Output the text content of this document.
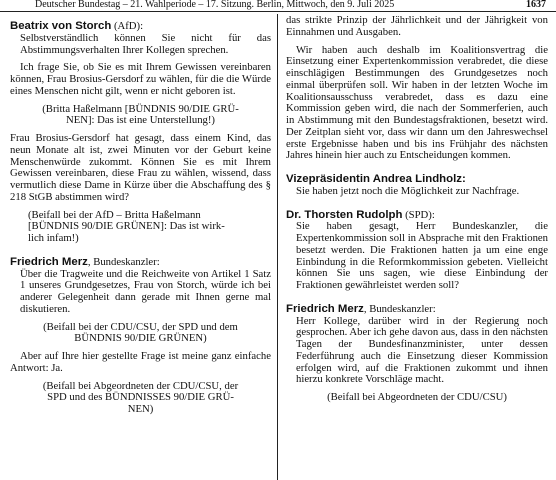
Deutscher Bundestag – 21. Wahlperiode – 17. Sitzung. Berlin, Mittwoch, den 9. Juli 2025	1637

Beatrix von Storch (AfD):

Selbstverständlich können Sie nicht für das Abstimmungsverhalten Ihrer Kollegen sprechen.

Ich frage Sie, ob Sie es mit Ihrem Gewissen vereinbaren können, Frau Brosius-Gersdorf zu wählen, für die die Würde eines Menschen nicht gilt, wenn er nicht geboren ist.

(Britta Haßelmann [BÜNDNIS 90/DIE GRÜ-
NEN]: Das ist eine Unterstellung!)

Frau Brosius-Gersdorf hat gesagt, dass einem Kind, das neun Monate alt ist, zwei Minuten vor der Geburt keine Menschenwürde zukommt. Können Sie es mit Ihrem Gewissen vereinbaren, diese Frau zu wählen, wissend, dass vermutlich diese Dame in Kürze über die Abschaffung des § 218 StGB abstimmen wird?

(Beifall bei der AfD – Britta Haßelmann
[BÜNDNIS 90/DIE GRÜNEN]: Das ist wirk-
lich infam!)

Friedrich Merz, Bundeskanzler:

Über die Tragweite und die Reichweite von Artikel 1 Satz 1 unseres Grundgesetzes, Frau von Storch, würde ich bei anderer Gelegenheit dann gerade mit Ihnen gerne mal diskutieren.

(Beifall bei der CDU/CSU, der SPD und dem
BÜNDNIS 90/DIE GRÜNEN)

Aber auf Ihre hier gestellte Frage ist meine ganz einfache Antwort: Ja.

(Beifall bei Abgeordneten der CDU/CSU, der
SPD und des BÜNDNISSES 90/DIE GRÜ-
NEN)

das strikte Prinzip der Jährlichkeit und der Jährigkeit von Einnahmen und Ausgaben.

Wir haben auch deshalb im Koalitionsvertrag die Einsetzung einer Expertenkommission verabredet, die diese einschlägigen Bestimmungen des Grundgesetzes noch einmal überprüfen soll. Wir haben in der letzten Woche im Koalitionsausschuss verabredet, dass es dazu eine Kommission geben wird, die nach der Sommerferien, auch in Abstimmung mit den Bundestagsfraktionen, besetzt wird. Der Zeitplan sieht vor, dass wir dann um den Jahreswechsel erste Ergebnisse haben und bis ins Frühjahr des nächsten Jahres hinein hier auch zu Entscheidungen kommen.

Vizepräsidentin Andrea Lindholz:

Sie haben jetzt noch die Möglichkeit zur Nachfrage.

Dr. Thorsten Rudolph (SPD):

Sie haben gesagt, Herr Bundeskanzler, die Expertenkommission soll in Absprache mit den Fraktionen besetzt werden. Die Fraktionen hatten ja um eine enge Einbindung in die Reformkommission gebeten. Vielleicht können Sie uns sagen, wie diese Einbindung der Fraktionen gewährleistet werden soll?

Friedrich Merz, Bundeskanzler:

Herr Kollege, darüber wird in der Regierung noch gesprochen. Aber ich gehe davon aus, dass in den nächsten Tagen der Bundesfinanzminister, unter dessen Federführung auch die Einsetzung dieser Kommission erfolgen wird, auf die Fraktionen zukommt und ihnen hierzu konkrete Vorschläge macht.

(Beifall bei Abgeordneten der CDU/CSU)
